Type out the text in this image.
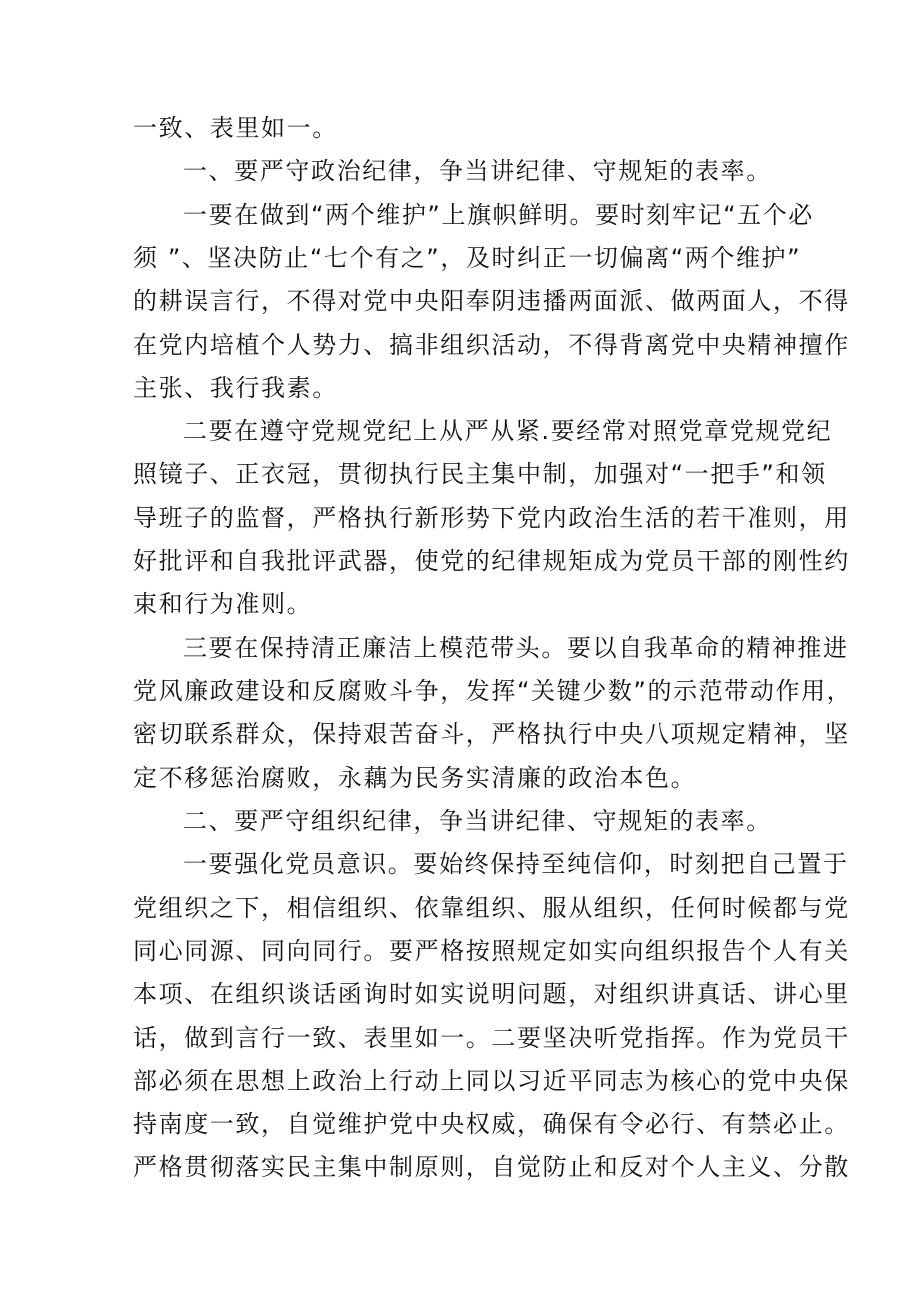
一致、表里如一。
一、要严守政治纪律，争当讲纪律、守规矩的表率。
一要在做到“两个维护”上旗帜鲜明。要时刻牢记“五个必
须 ”、坚决防止“七个有之”，及时纠正一切偏离“两个维护”
的耕误言行，不得对党中央阳奉阴违播两面派、做两面人，不得
在党内培植个人势力、搞非组织活动，不得背离党中央精神擅作
主张、我行我素。
二要在遵守党规党纪上从严从紧.要经常对照党章党规党纪
照镜子、正衣冠，贯彻执行民主集中制，加强对“一把手”和领
导班子的监督，严格执行新形势下党内政治生活的若干准则，用
好批评和自我批评武器，使党的纪律规矩成为党员干部的刚性约
束和行为准则。
三要在保持清正廉洁上模范带头。要以自我革命的精神推进
党风廉政建设和反腐败斗争，发挥“关键少数”的示范带动作用，
密切联系群众，保持艰苦奋斗，严格执行中央八项规定精神，坚
定不移惩治腐败，永藕为民务实清廉的政治本色。
二、要严守组织纪律，争当讲纪律、守规矩的表率。
一要强化党员意识。要始终保持至纯信仰，时刻把自己置于
党组织之下，相信组织、依靠组织、服从组织，任何时候都与党
同心同源、同向同行。要严格按照规定如实向组织报告个人有关
本项、在组织谈话函询时如实说明问题，对组织讲真话、讲心里
话，做到言行一致、表里如一。二要坚决听党指挥。作为党员干
部必须在思想上政治上行动上同以习近平同志为核心的党中央保
持南度一致，自觉维护党中央权威，确保有令必行、有禁必止。
严格贯彻落实民主集中制原则，自觉防止和反对个人主义、分散
